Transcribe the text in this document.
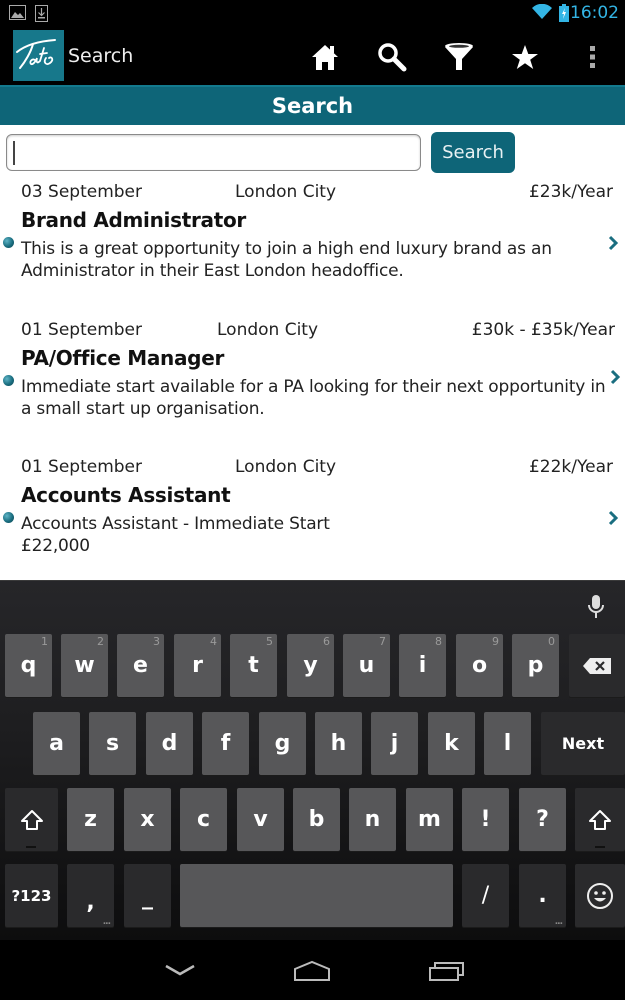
16:02
Search
Search
Search
03 September	London City	£23k/Year
Brand Administrator
This is a great opportunity to join a high end luxury brand as an Administrator in their East London headoffice.
01 September	London City	£30k - £35k/Year
PA/Office Manager
Immediate start available for a PA looking for their next opportunity in a small start up organisation.
01 September	London City	£22k/Year
Accounts Assistant
Accounts Assistant - Immediate Start
£22,000
1
q
2
w
3
e
4
r
5
t
6
y
7
u
8
i
9
o
0
p
a s d f g h j k l	Next
z x c v b n m ! ?
?123 ,
...
_	/ .
...
